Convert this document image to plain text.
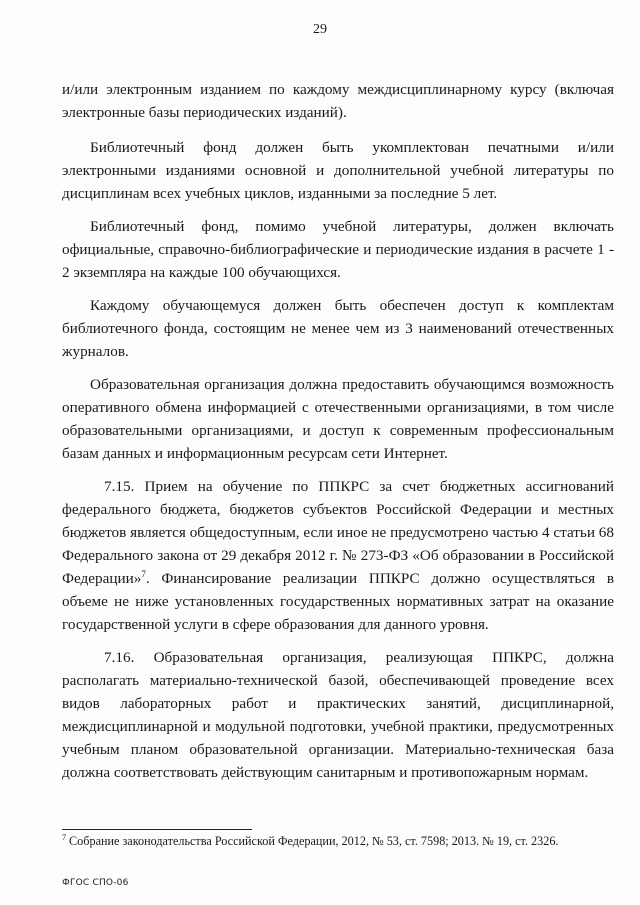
29

и/или электронным изданием по каждому междисциплинарному курсу (включая электронные базы периодических изданий).

Библиотечный фонд должен быть укомплектован печатными и/или электронными изданиями основной и дополнительной учебной литературы по дисциплинам всех учебных циклов, изданными за последние 5 лет.

Библиотечный фонд, помимо учебной литературы, должен включать официальные, справочно-библиографические и периодические издания в расчете 1 - 2 экземпляра на каждые 100 обучающихся.

Каждому обучающемуся должен быть обеспечен доступ к комплектам библиотечного фонда, состоящим не менее чем из 3 наименований отечественных журналов.

Образовательная организация должна предоставить обучающимся возможность оперативного обмена информацией с отечественными организациями, в том числе образовательными организациями, и доступ к современным профессиональным базам данных и информационным ресурсам сети Интернет.

7.15. Прием на обучение по ППКРС за счет бюджетных ассигнований федерального бюджета, бюджетов субъектов Российской Федерации и местных бюджетов является общедоступным, если иное не предусмотрено частью 4 статьи 68 Федерального закона от 29 декабря 2012 г. № 273-ФЗ «Об образовании в Российской Федерации»$^7$. Финансирование реализации ППКРС должно осуществляться в объеме не ниже установленных государственных нормативных затрат на оказание государственной услуги в сфере образования для данного уровня.

7.16. Образовательная организация, реализующая ППКРС, должна располагать материально-технической базой, обеспечивающей проведение всех видов лабораторных работ и практических занятий, дисциплинарной, междисциплинарной и модульной подготовки, учебной практики, предусмотренных учебным планом образовательной организации. Материально-техническая база должна соответствовать действующим санитарным и противопожарным нормам.

$^7$ Собрание законодательства Российской Федерации, 2012, № 53, ст. 7598; 2013. № 19, ст. 2326.
ФГОС СПО-06
